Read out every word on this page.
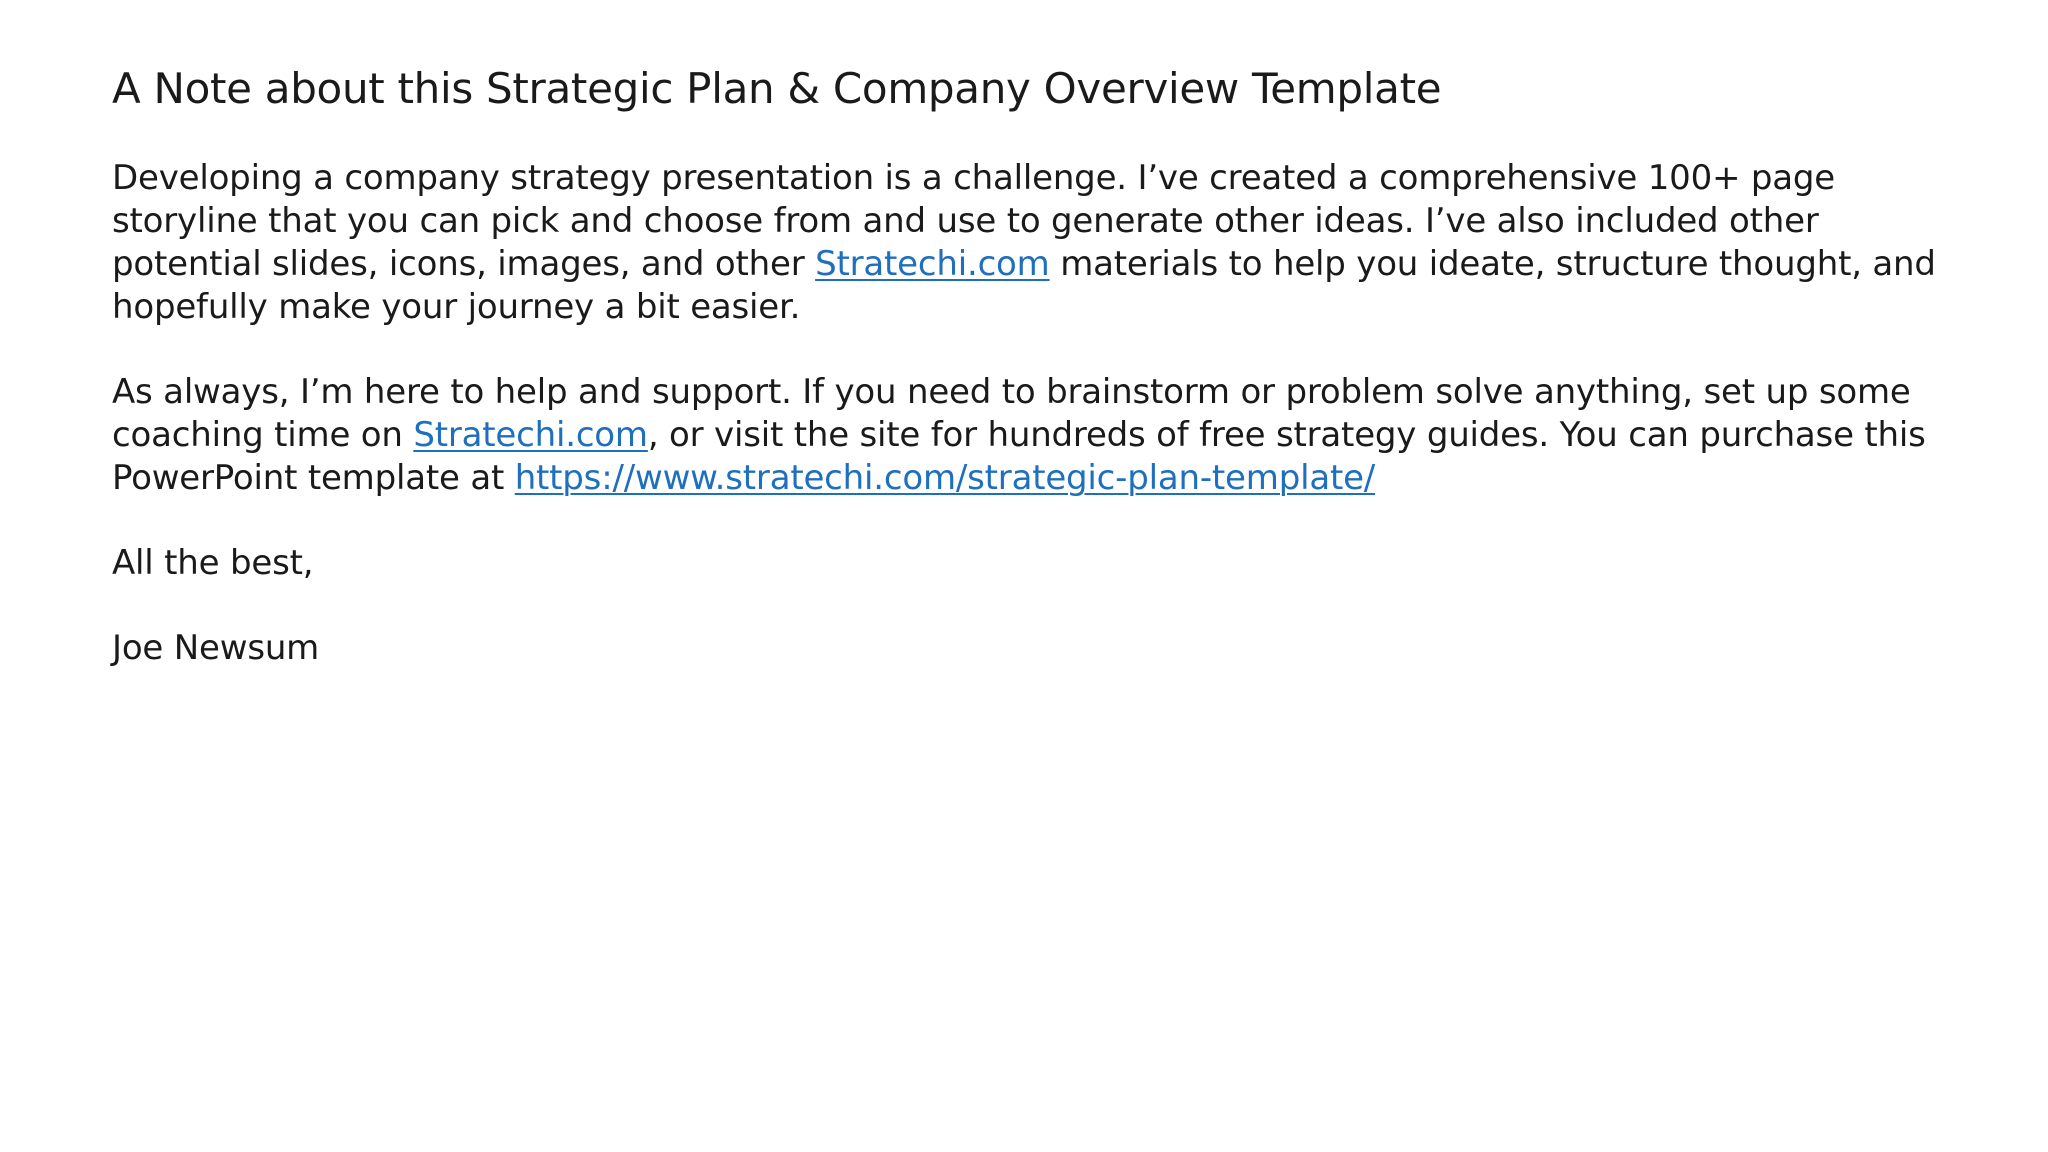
A Note about this Strategic Plan & Company Overview Template

Developing a company strategy presentation is a challenge. I’ve created a comprehensive 100+ page storyline that you can pick and choose from and use to generate other ideas. I’ve also included other potential slides, icons, images, and other Stratechi.com materials to help you ideate, structure thought, and hopefully make your journey a bit easier.

As always, I’m here to help and support. If you need to brainstorm or problem solve anything, set up some coaching time on Stratechi.com, or visit the site for hundreds of free strategy guides. You can purchase this PowerPoint template at https://www.stratechi.com/strategic-plan-template/

All the best,

Joe Newsum
